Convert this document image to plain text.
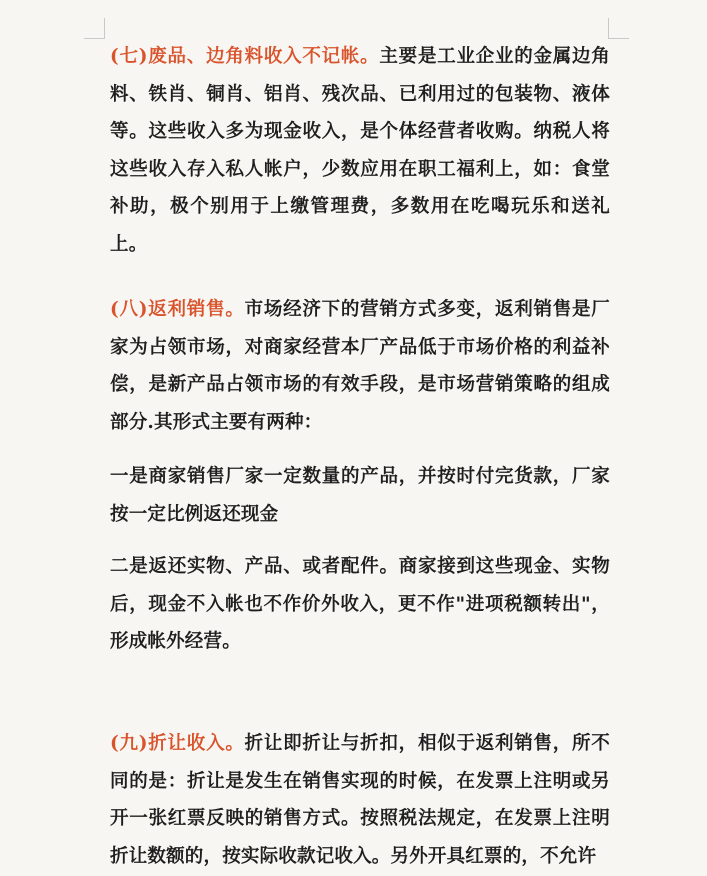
(七)废品、边角料收入不记帐。主要是工业企业的金属边角料、铁肖、铜肖、铝肖、残次品、已利用过的包装物、液体等。这些收入多为现金收入，是个体经营者收购。纳税人将这些收入存入私人帐户，少数应用在职工福利上，如：食堂补助，极个别用于上缴管理费，多数用在吃喝玩乐和送礼上。

(八)返利销售。市场经济下的营销方式多变，返利销售是厂家为占领市场，对商家经营本厂产品低于市场价格的利益补偿，是新产品占领市场的有效手段，是市场营销策略的组成部分.其形式主要有两种：

一是商家销售厂家一定数量的产品，并按时付完货款，厂家按一定比例返还现金

二是返还实物、产品、或者配件。商家接到这些现金、实物后，现金不入帐也不作价外收入，更不作"进项税额转出"，形成帐外经营。

(九)折让收入。折让即折让与折扣，相似于返利销售，所不同的是：折让是发生在销售实现的时候，在发票上注明或另开一张红票反映的销售方式。按照税法规定，在发票上注明折让数额的，按实际收款记收入。另外开具红票的，不允许
